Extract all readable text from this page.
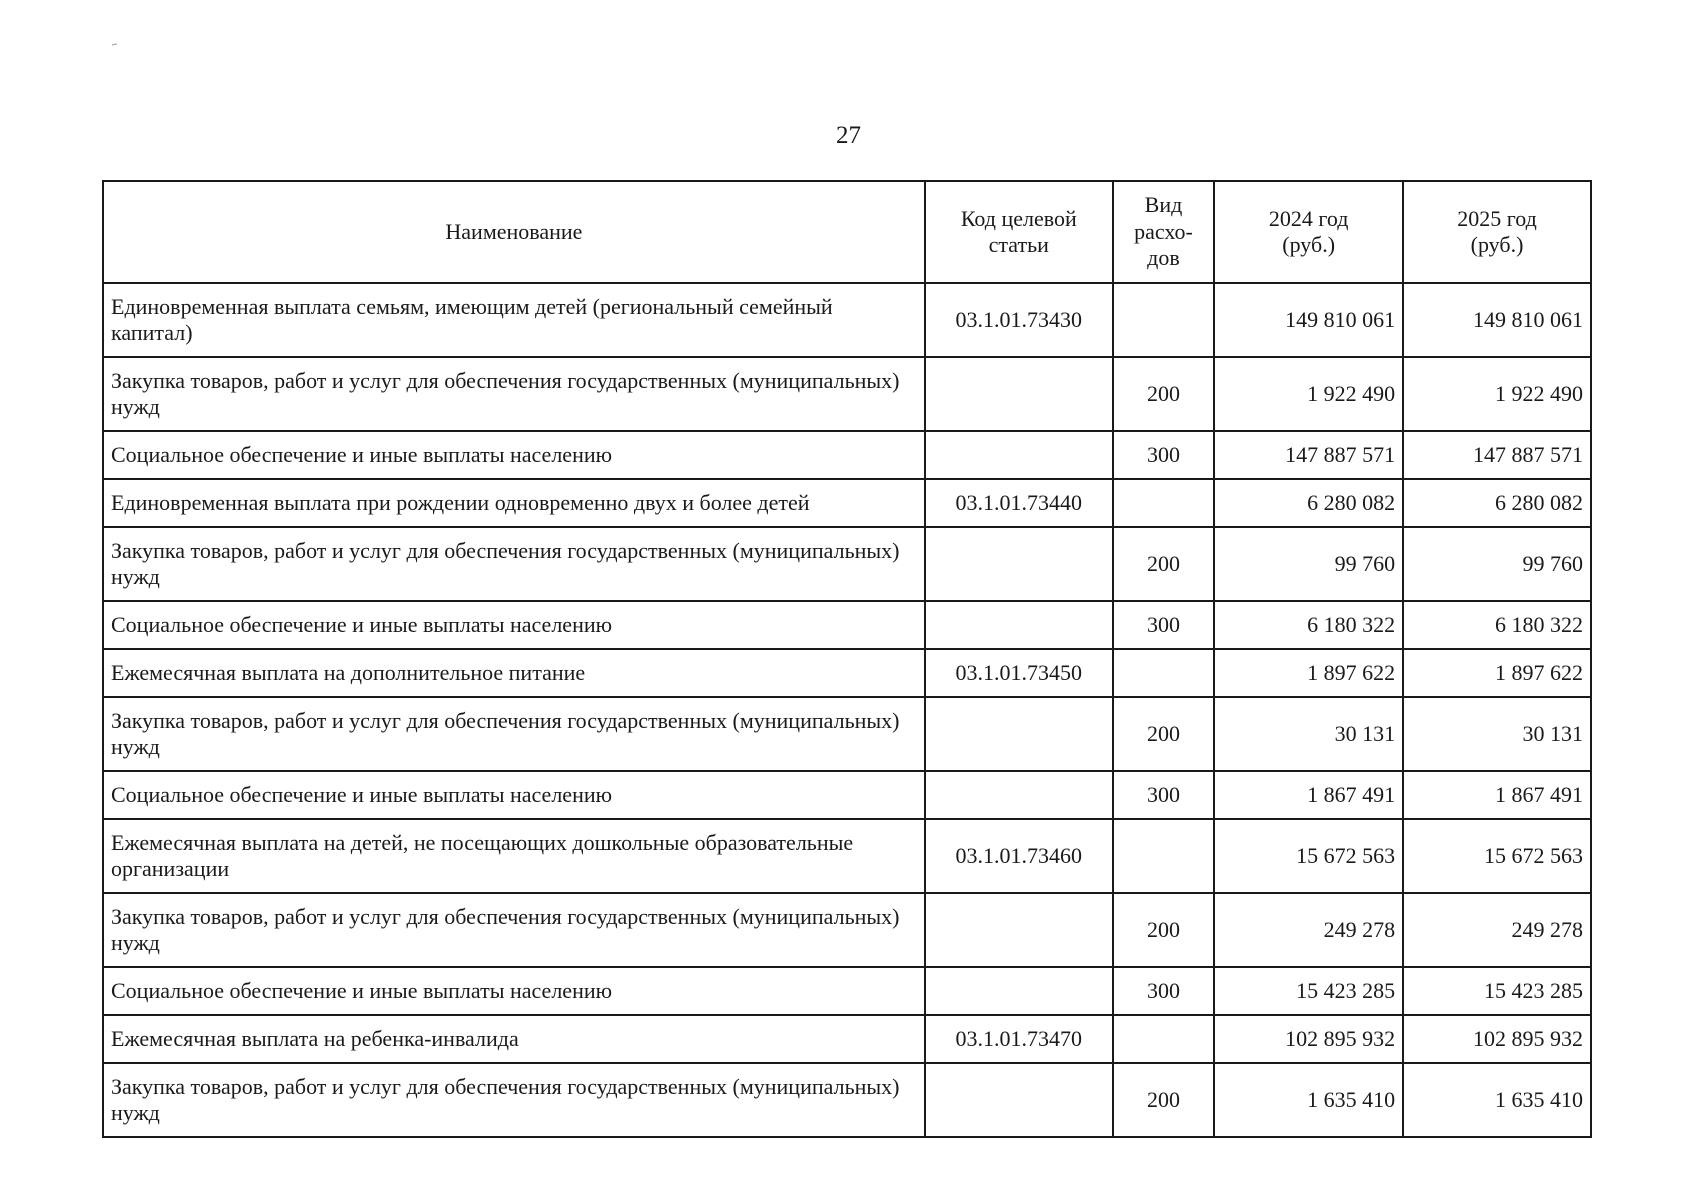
27
Наименование	Код целевой статьи	Вид расхо- дов	2024 год (руб.)	2025 год (руб.)

Единовременная выплата семьям, имеющим детей (региональный семейный капитал)	03.1.01.73430		149 810 061	149 810 061
Закупка товаров, работ и услуг для обеспечения государственных (муниципальных) нужд		200	1 922 490	1 922 490
Социальное обеспечение и иные выплаты населению		300	147 887 571	147 887 571
Единовременная выплата при рождении одновременно двух и более детей	03.1.01.73440		6 280 082	6 280 082
Закупка товаров, работ и услуг для обеспечения государственных (муниципальных) нужд		200	99 760	99 760
Социальное обеспечение и иные выплаты населению		300	6 180 322	6 180 322
Ежемесячная выплата на дополнительное питание	03.1.01.73450		1 897 622	1 897 622
Закупка товаров, работ и услуг для обеспечения государственных (муниципальных) нужд		200	30 131	30 131
Социальное обеспечение и иные выплаты населению		300	1 867 491	1 867 491
Ежемесячная выплата на детей, не посещающих дошкольные образовательные организации	03.1.01.73460		15 672 563	15 672 563
Закупка товаров, работ и услуг для обеспечения государственных (муниципальных) нужд		200	249 278	249 278
Социальное обеспечение и иные выплаты населению		300	15 423 285	15 423 285
Ежемесячная выплата на ребенка-инвалида	03.1.01.73470		102 895 932	102 895 932
Закупка товаров, работ и услуг для обеспечения государственных (муниципальных) нужд		200	1 635 410	1 635 410
